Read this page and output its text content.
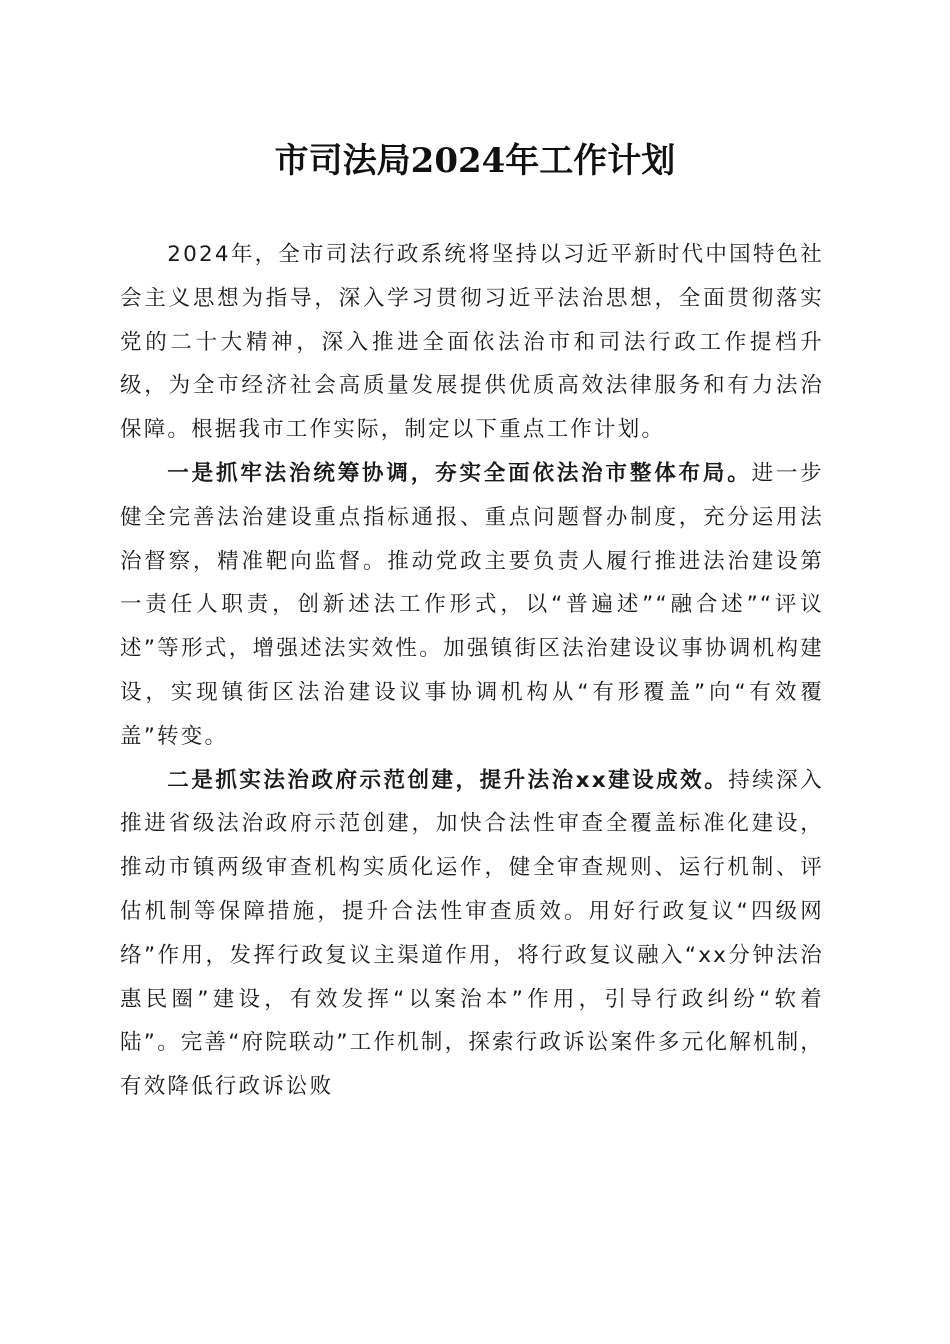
市司法局2024年工作计划

2024年，全市司法行政系统将坚持以习近平新时代中国特色社会主义思想为指导，深入学习贯彻习近平法治思想，全面贯彻落实党的二十大精神，深入推进全面依法治市和司法行政工作提档升级，为全市经济社会高质量发展提供优质高效法律服务和有力法治保障。根据我市工作实际，制定以下重点工作计划。

一是抓牢法治统筹协调，夯实全面依法治市整体布局。进一步健全完善法治建设重点指标通报、重点问题督办制度，充分运用法治督察，精准靶向监督。推动党政主要负责人履行推进法治建设第一责任人职责，创新述法工作形式，以“普遍述”“融合述”“评议述”等形式，增强述法实效性。加强镇街区法治建设议事协调机构建设，实现镇街区法治建设议事协调机构从“有形覆盖”向“有效覆盖”转变。

二是抓实法治政府示范创建，提升法治xx建设成效。持续深入推进省级法治政府示范创建，加快合法性审查全覆盖标准化建设，推动市镇两级审查机构实质化运作，健全审查规则、运行机制、评估机制等保障措施，提升合法性审查质效。用好行政复议“四级网络”作用，发挥行政复议主渠道作用，将行政复议融入“xx分钟法治惠民圈”建设，有效发挥“以案治本”作用，引导行政纠纷“软着陆”。完善“府院联动”工作机制，探索行政诉讼案件多元化解机制，有效降低行政诉讼败
